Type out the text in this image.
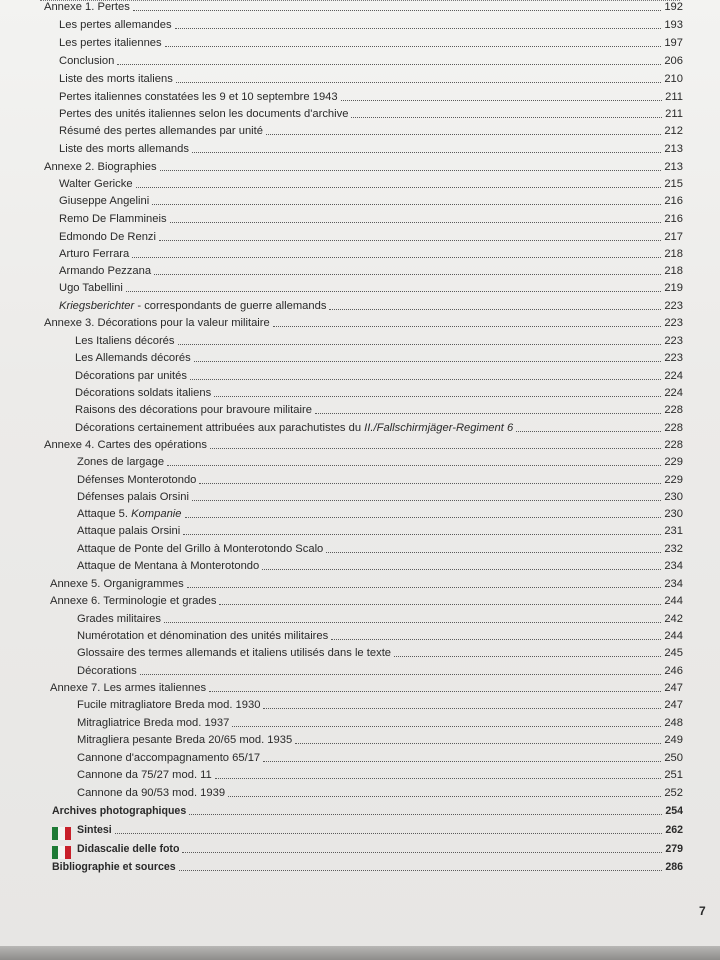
Annexe 1. Pertes	192
Les pertes allemandes	193
Les pertes italiennes	197
Conclusion	206
Liste des morts italiens	210
Pertes italiennes constatées les 9 et 10 septembre 1943	211
Pertes des unités italiennes selon les documents d'archive	211
Résumé des pertes allemandes par unité	212
Liste des morts allemands	213
Annexe 2. Biographies	213
Walter Gericke	215
Giuseppe Angelini	216
Remo De Flammineis	216
Edmondo De Renzi	217
Arturo Ferrara	218
Armando Pezzana	218
Ugo Tabellini	219
Kriegsberichter - correspondants de guerre allemands	223
Annexe 3. Décorations pour la valeur militaire	223
Les Italiens décorés	223
Les Allemands décorés	223
Décorations par unités	224
Décorations soldats italiens	224
Raisons des décorations pour bravoure militaire	228
Décorations certainement attribuées aux parachutistes du II./Fallschirmjäger-Regiment 6	228
Annexe 4. Cartes des opérations	228
Zones de largage	229
Défenses Monterotondo	229
Défenses palais Orsini	230
Attaque 5. Kompanie	230
Attaque palais Orsini	231
Attaque de Ponte del Grillo à Monterotondo Scalo	232
Attaque de Mentana à Monterotondo	234
Annexe 5. Organigrammes	234
Annexe 6. Terminologie et grades	244
Grades militaires	242
Numérotation et dénomination des unités militaires	244
Glossaire des termes allemands et italiens utilisés dans le texte	245
Décorations	246
Annexe 7. Les armes italiennes	247
Fucile mitragliatore Breda mod. 1930	247
Mitragliatrice Breda mod. 1937	248
Mitragliera pesante Breda 20/65 mod. 1935	249
Cannone d'accompagnamento 65/17	250
Cannone da 75/27 mod. 11	251
Cannone da 90/53 mod. 1939	252
Archives photographiques	254
Sintesi	262
Didascalie delle foto	279
Bibliographie et sources	286
7
